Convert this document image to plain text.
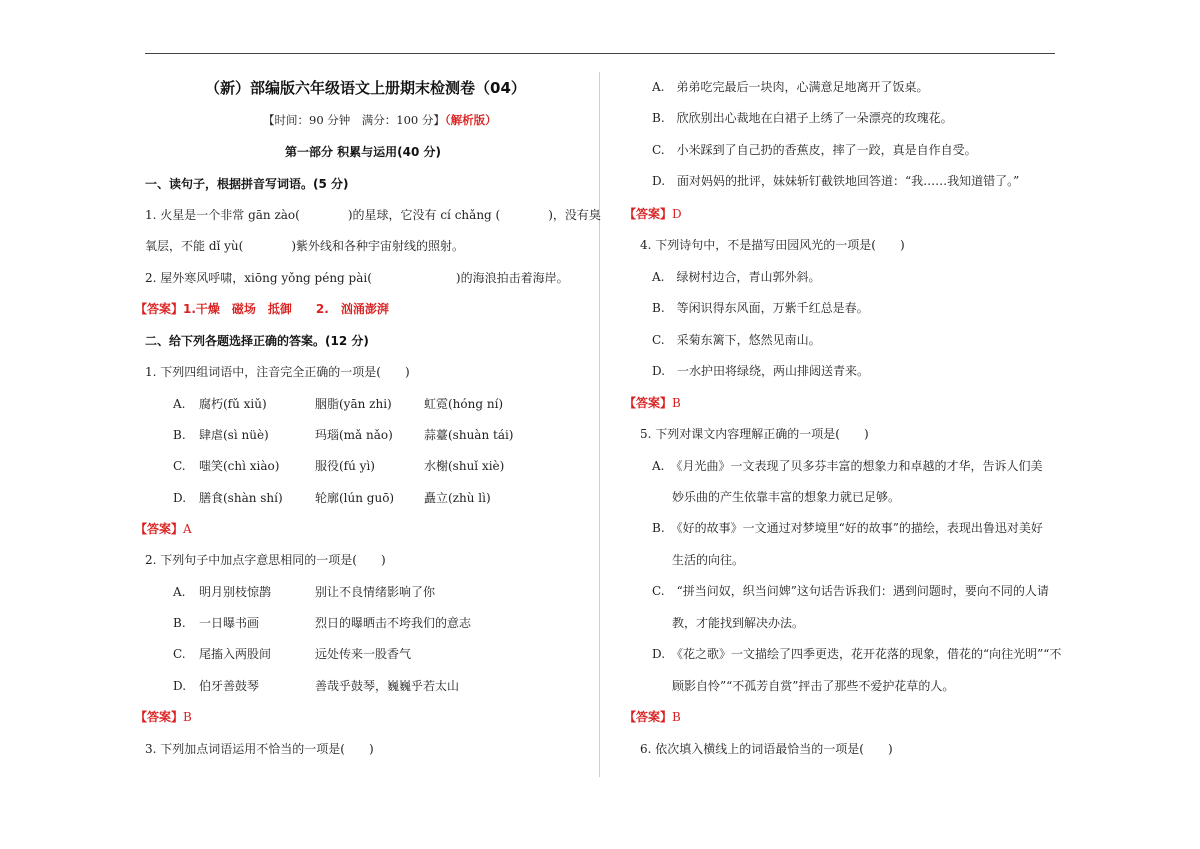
（新）部编版六年级语文上册期末检测卷（04）
【时间：90 分钟　满分：100 分】（解析版）
第一部分 积累与运用(40 分)
一、读句子，根据拼音写词语。(5 分)
1. 火星是一个非常 gān zào(　　　　)的星球，它没有 cí chǎng (　　　　)，没有臭
氧层，不能 dǐ yù(　　　　)紫外线和各种宇宙射线的照射。
2. 屋外寒风呼啸，xiōng yǒng péng pài(　　　　　　　)的海浪拍击着海岸。
【答案】1.干燥　磁场　抵御　　2.　汹涌澎湃
二、给下列各题选择正确的答案。(12 分)
1. 下列四组词语中，注音完全正确的一项是(　　)
A. 腐朽(fǔ xiǔ)	胭脂(yān zhi)	虹霓(hóng ní)
B. 肆虐(sì nüè)	玛瑙(mǎ nǎo)	蒜薹(shuàn tái)
C. 嗤笑(chì xiào)	服役(fú yì)	水榭(shuǐ xiè)
D. 膳食(shàn shí)	轮廓(lún guō) 矗立(zhù lì)
【答案】A
2. 下列句子中加点字意思相同的一项是(　　)
A. 明月别枝惊鹊	别让不良情绪影响了你
B. 一日曝书画	烈日的曝晒击不垮我们的意志
C. 尾搐入两股间	远处传来一股香气
D. 伯牙善鼓琴	善哉乎鼓琴，巍巍乎若太山
【答案】B
3. 下列加点词语运用不恰当的一项是(　　)
A.　弟弟吃完最后一块肉，心满意足地离开了饭桌。
B.　欣欣别出心裁地在白裙子上绣了一朵漂亮的玫瑰花。
C.　小米踩到了自己扔的香蕉皮，摔了一跤，真是自作自受。
D.　面对妈妈的批评，妹妹斩钉截铁地回答道：“我……我知道错了。”
【答案】D
4. 下列诗句中，不是描写田园风光的一项是(　　)
A.　绿树村边合，青山郭外斜。
B.　等闲识得东风面，万紫千红总是春。
C.　采菊东篱下，悠然见南山。
D.　一水护田将绿绕，两山排闼送青来。
【答案】B
5. 下列对课文内容理解正确的一项是(　　)
A.　《月光曲》一文表现了贝多芬丰富的想象力和卓越的才华，告诉人们美
妙乐曲的产生依靠丰富的想象力就已足够。
B.　《好的故事》一文通过对梦境里“好的故事”的描绘，表现出鲁迅对美好
生活的向往。
C.　“拼当问奴，织当问婢”这句话告诉我们：遇到问题时，要向不同的人请
教，才能找到解决办法。
D.　《花之歌》一文描绘了四季更迭，花开花落的现象，借花的“向往光明”“不
顾影自怜”“不孤芳自赏”抨击了那些不爱护花草的人。
【答案】B
6. 依次填入横线上的词语最恰当的一项是(　　)
